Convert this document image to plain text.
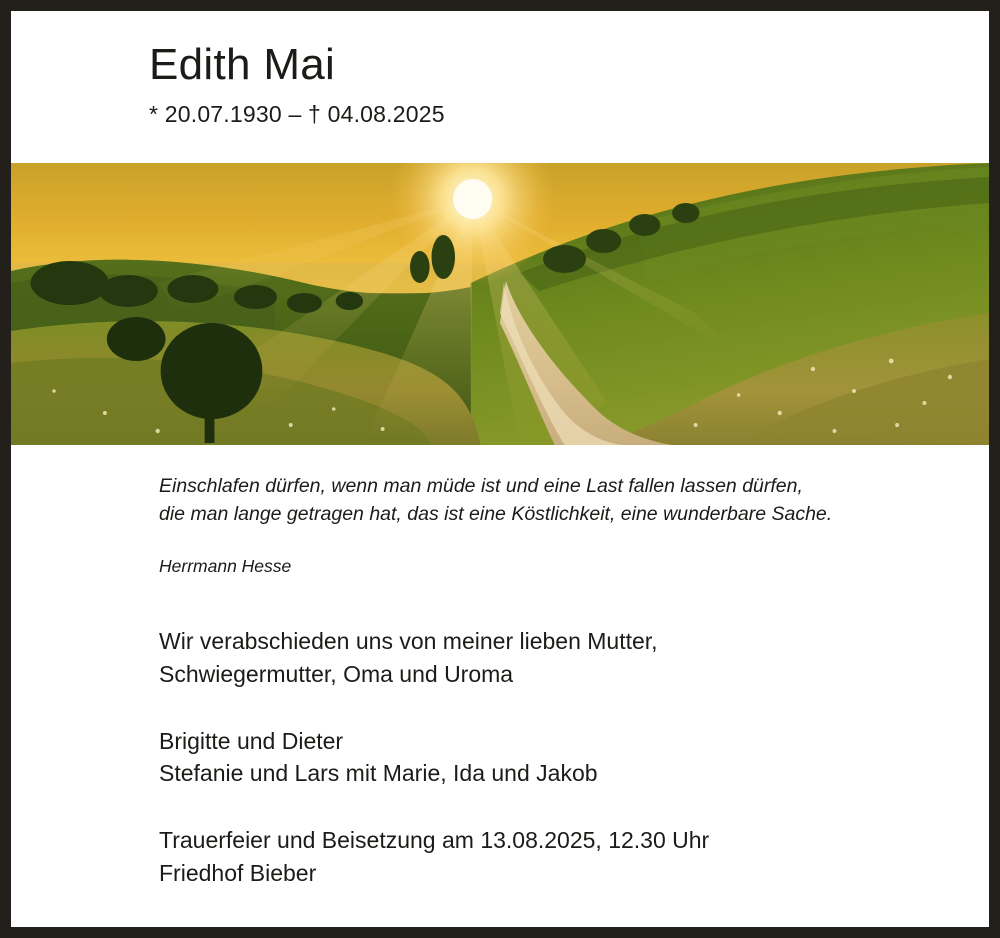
Edith Mai
* 20.07.1930 – † 04.08.2025
Einschlafen dürfen, wenn man müde ist und eine Last fallen lassen dürfen,
die man lange getragen hat, das ist eine Köstlichkeit, eine wunderbare Sache.
Herrmann Hesse
Wir verabschieden uns von meiner lieben Mutter,
Schwiegermutter, Oma und Uroma
Brigitte und Dieter
Stefanie und Lars mit Marie, Ida und Jakob
Trauerfeier und Beisetzung am 13.08.2025, 12.30 Uhr
Friedhof Bieber
